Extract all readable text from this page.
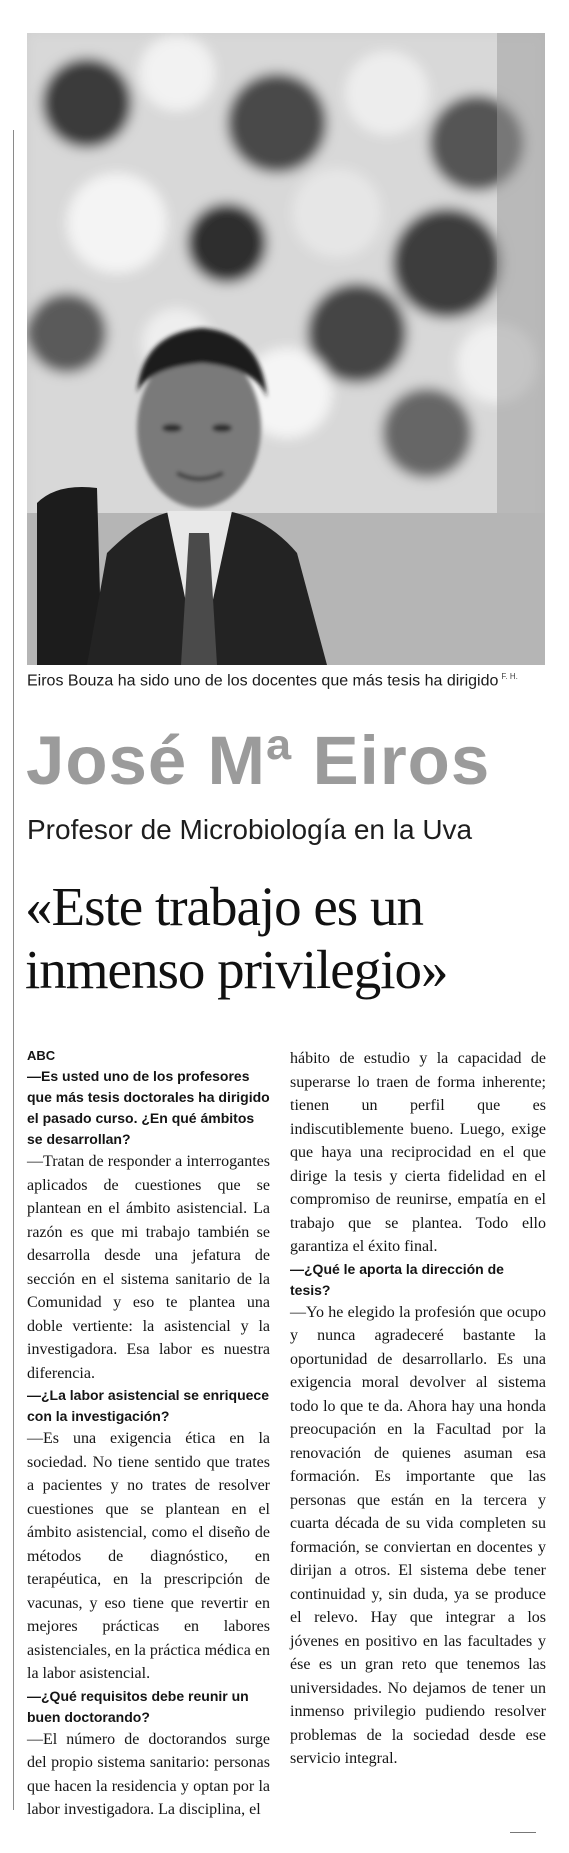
Eiros Bouza ha sido uno de los docentes que más tesis ha dirigido $^{F. H.}$
José Mª Eiros
Profesor de Microbiología en la Uva
«Este trabajo es un inmenso privilegio»

ABC

—Es usted uno de los profesores que más tesis doctorales ha dirigido el pasado curso. ¿En qué ámbitos se desarrollan?

—Tratan de responder a interrogantes aplicados de cuestiones que se plantean en el ámbito asistencial. La razón es que mi trabajo también se desarrolla desde una jefatura de sección en el sistema sanitario de la Comunidad y eso te plantea una doble vertiente: la asistencial y la investigadora. Esa labor es nuestra diferencia.

—¿La labor asistencial se enriquece con la investigación?

—Es una exigencia ética en la sociedad. No tiene sentido que trates a pacientes y no trates de resolver cuestiones que se plantean en el ámbito asistencial, como el diseño de métodos de diagnóstico, en terapéutica, en la prescripción de vacunas, y eso tiene que revertir en mejores prácticas en labores asistenciales, en la práctica médica en la labor asistencial.

—¿Qué requisitos debe reunir un buen doctorando?

—El número de doctorandos surge del propio sistema sanitario: personas que hacen la residencia y optan por la labor investigadora. La disciplina, el

hábito de estudio y la capacidad de superarse lo traen de forma inherente; tienen un perfil que es indiscutiblemente bueno. Luego, exige que haya una reciprocidad en el que dirige la tesis y cierta fidelidad en el compromiso de reunirse, empatía en el trabajo que se plantea. Todo ello garantiza el éxito final.

—¿Qué le aporta la dirección de tesis?

—Yo he elegido la profesión que ocupo y nunca agradeceré bastante la oportunidad de desarrollarlo. Es una exigencia moral devolver al sistema todo lo que te da. Ahora hay una honda preocupación en la Facultad por la renovación de quienes asuman esa formación. Es importante que las personas que están en la tercera y cuarta década de su vida completen su formación, se conviertan en docentes y dirijan a otros. El sistema debe tener continuidad y, sin duda, ya se produce el relevo. Hay que integrar a los jóvenes en positivo en las facultades y ése es un gran reto que tenemos las universidades. No dejamos de tener un inmenso privilegio pudiendo resolver problemas de la sociedad desde ese servicio integral.
